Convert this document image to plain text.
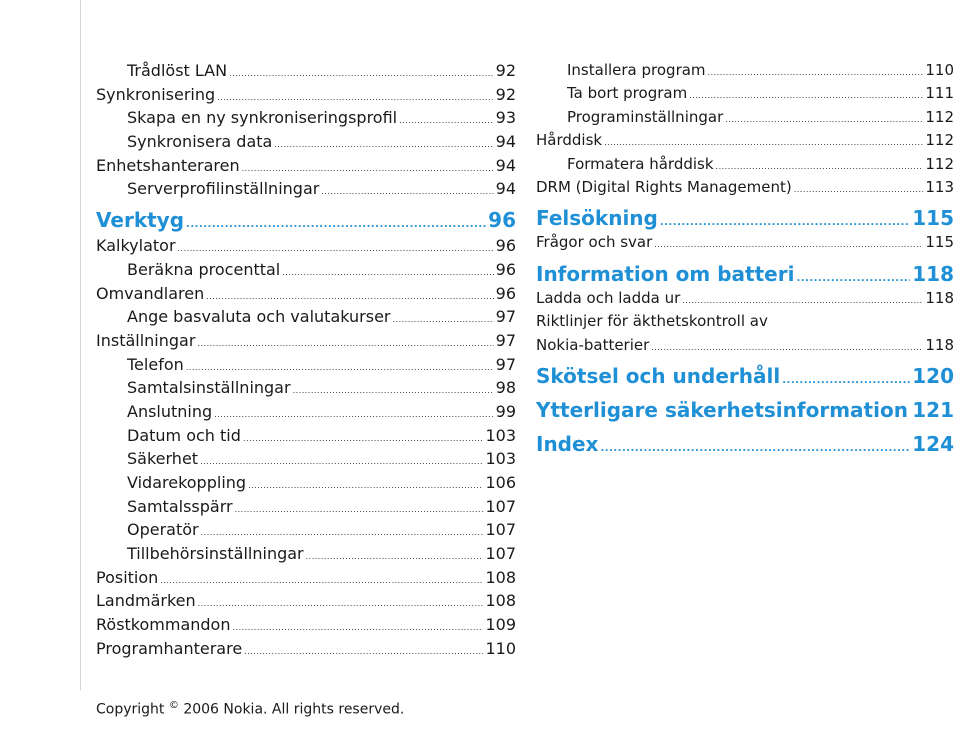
Trådlöst LAN .....	92
Synkronisering .....	92
Skapa en ny synkroniseringsprofil .....	93
Synkronisera data .....	94
Enhetshanteraren .....	94
Serverprofilinställningar .....	94
Verktyg .....	96
Kalkylator .....	96
Beräkna procenttal .....	96
Omvandlaren .....	96
Ange basvaluta och valutakurser .....	97
Inställningar .....	97
Telefon .....	97
Samtalsinställningar .....	98
Anslutning .....	99
Datum och tid .....	103
Säkerhet .....	103
Vidarekoppling .....	106
Samtalsspärr .....	107
Operatör .....	107
Tillbehörsinställningar .....	107
Position .....	108
Landmärken .....	108
Röstkommandon .....	109
Programhanterare .....	110
Installera program .....	110
Ta bort program .....	111
Programinställningar .....	112
Hårddisk .....	112
Formatera hårddisk .....	112
DRM (Digital Rights Management) .....	113
Felsökning .....	115
Frågor och svar .....	115
Information om batteri .....	118
Ladda och ladda ur .....	118
Riktlinjer för äkthetskontroll av
Nokia-batterier .....	118
Skötsel och underhåll .....	120
Ytterligare säkerhetsinformation ..... 121
Index .....	124
Copyright © 2006 Nokia. All rights reserved.
